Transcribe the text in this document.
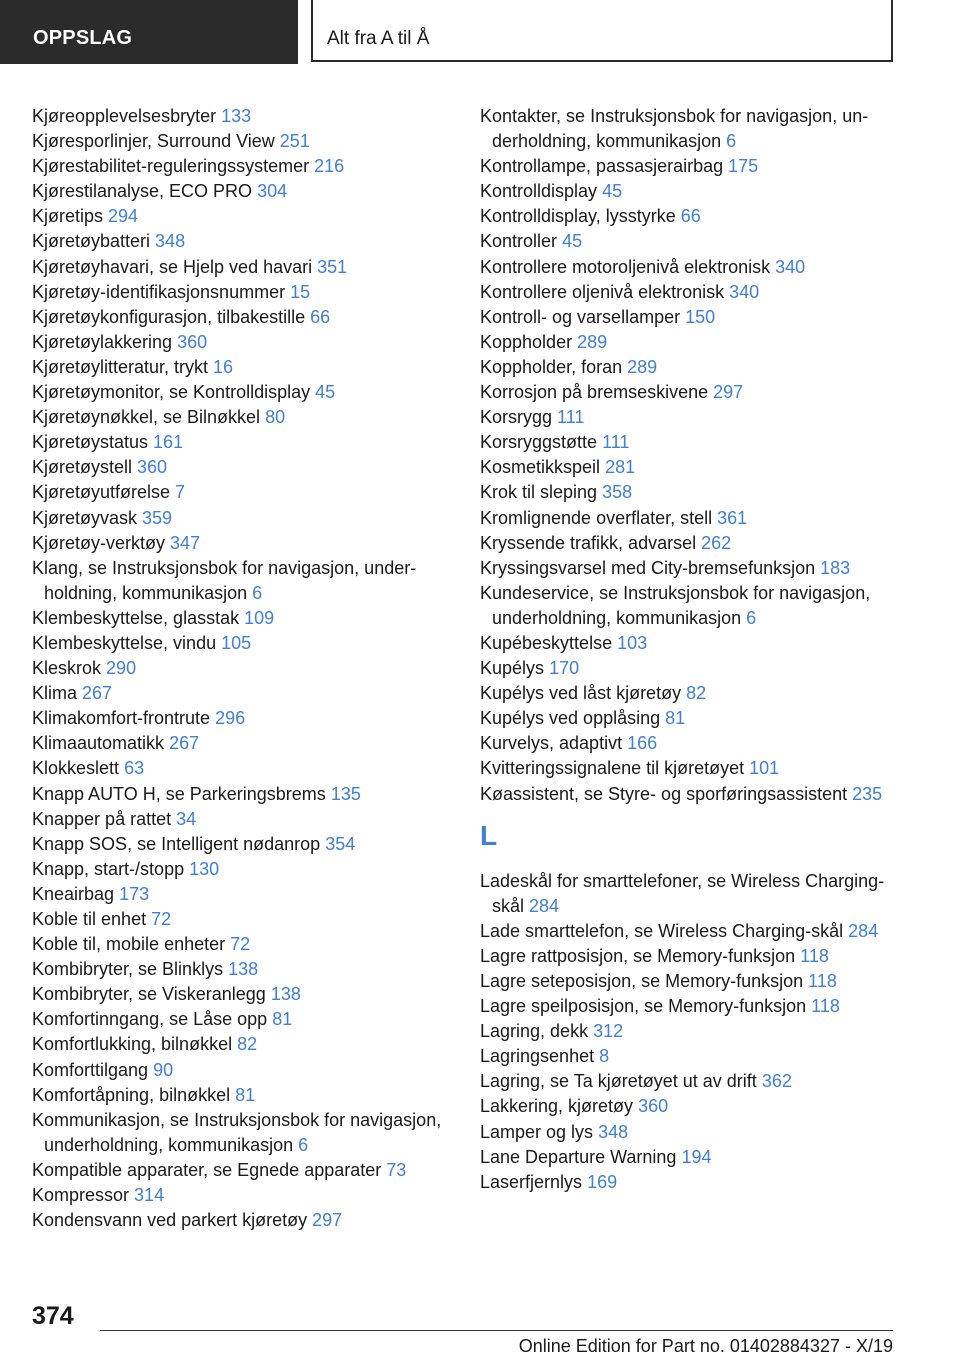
OPPSLAG	Alt fra A til Å
Kjøreopplevelsesbryter 133
Kjøresporlinjer, Surround View 251
Kjørestabilitet-reguleringssystemer 216
Kjørestilanalyse, ECO PRO 304
Kjøretips 294
Kjøretøybatteri 348
Kjøretøyhavari, se Hjelp ved havari 351
Kjøretøy-identifikasjonsnummer 15
Kjøretøykonfigurasjon, tilbakestille 66
Kjøretøylakkering 360
Kjøretøylitteratur, trykt 16
Kjøretøymonitor, se Kontrolldisplay 45
Kjøretøynøkkel, se Bilnøkkel 80
Kjøretøystatus 161
Kjøretøystell 360
Kjøretøyutførelse 7
Kjøretøyvask 359
Kjøretøy-verktøy 347
Klang, se Instruksjonsbok for navigasjon, underholdning, kommunikasjon 6
Klembeskyttelse, glasstak 109
Klembeskyttelse, vindu 105
Kleskrok 290
Klima 267
Klimakomfort-frontrute 296
Klimaautomatikk 267
Klokkeslett 63
Knapp AUTO H, se Parkeringsbrems 135
Knapper på rattet 34
Knapp SOS, se Intelligent nødanrop 354
Knapp, start-/stopp 130
Kneairbag 173
Koble til enhet 72
Koble til, mobile enheter 72
Kombibryter, se Blinklys 138
Kombibryter, se Viskeranlegg 138
Komfortinngang, se Låse opp 81
Komfortlukking, bilnøkkel 82
Komforttilgang 90
Komfortåpning, bilnøkkel 81
Kommunikasjon, se Instruksjonsbok for navigasjon, underholdning, kommunikasjon 6
Kompatible apparater, se Egnede apparater 73
Kompressor 314
Kondensvann ved parkert kjøretøy 297
Kontakter, se Instruksjonsbok for navigasjon, underholdning, kommunikasjon 6
Kontrollampe, passasjerairbag 175
Kontrolldisplay 45
Kontrolldisplay, lysstyrke 66
Kontroller 45
Kontrollere motoroljenivå elektronisk 340
Kontrollere oljenivå elektronisk 340
Kontroll- og varsellamper 150
Koppholder 289
Koppholder, foran 289
Korrosjon på bremseskivene 297
Korsrygg 111
Korsryggstøtte 111
Kosmetikkspeil 281
Krok til sleping 358
Kromlignende overflater, stell 361
Kryssende trafikk, advarsel 262
Kryssingsvarsel med City-bremsefunksjon 183
Kundeservice, se Instruksjonsbok for navigasjon, underholdning, kommunikasjon 6
Kupébeskyttelse 103
Kupélys 170
Kupélys ved låst kjøretøy 82
Kupélys ved opplåsing 81
Kurvelys, adaptivt 166
Kvitteringssignalene til kjøretøyet 101
Køassistent, se Styre- og sporføringsassistent 235
L
Ladeskål for smarttelefoner, se Wireless Charging-skål 284
Lade smarttelefon, se Wireless Charging-skål 284
Lagre rattposisjon, se Memory-funksjon 118
Lagre seteposisjon, se Memory-funksjon 118
Lagre speilposisjon, se Memory-funksjon 118
Lagring, dekk 312
Lagringsenhet 8
Lagring, se Ta kjøretøyet ut av drift 362
Lakkering, kjøretøy 360
Lamper og lys 348
Lane Departure Warning 194
Laserfjernlys 169
374
Online Edition for Part no. 01402884327 - X/19
